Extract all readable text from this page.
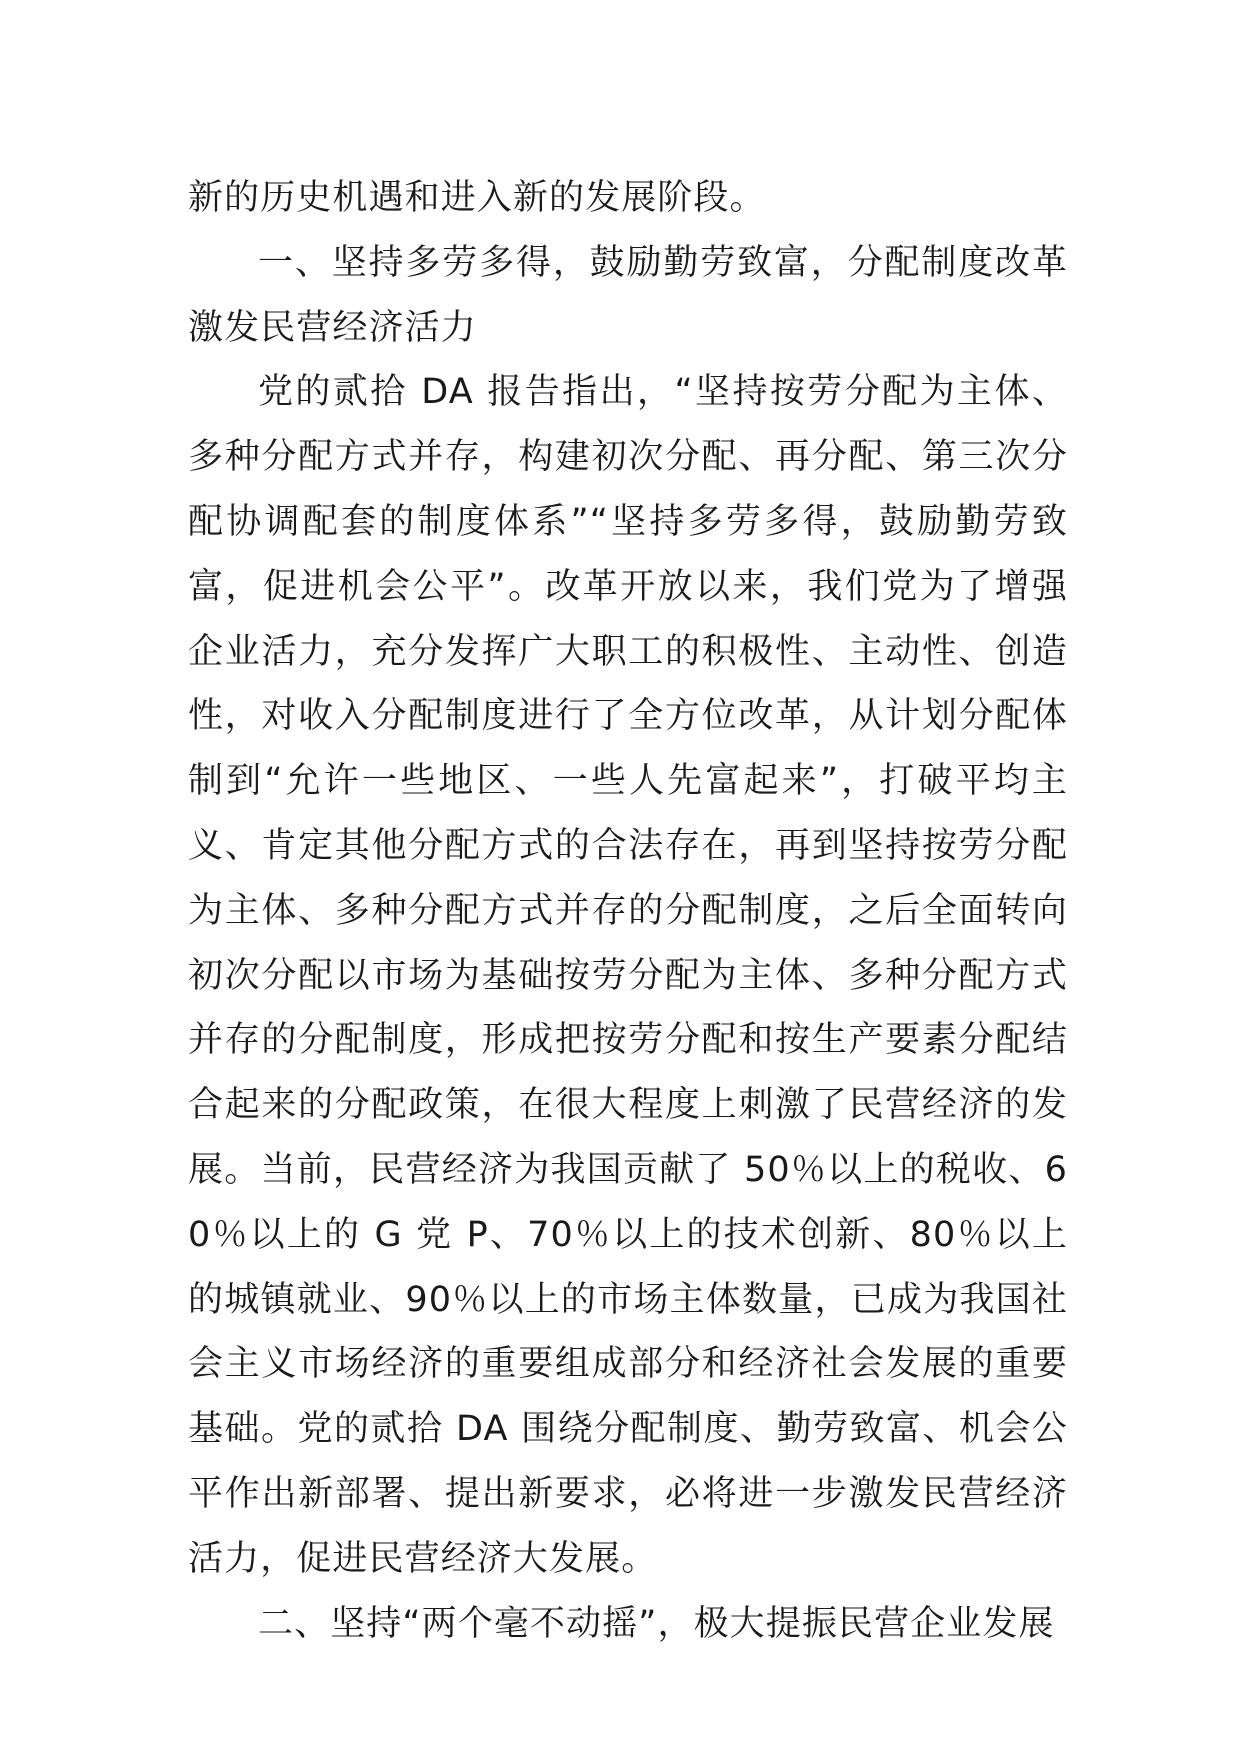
新的历史机遇和进入新的发展阶段。

一、坚持多劳多得，鼓励勤劳致富，分配制度改革激发民营经济活力

党的贰拾 DA 报告指出，“坚持按劳分配为主体、多种分配方式并存，构建初次分配、再分配、第三次分配协调配套的制度体系”“坚持多劳多得，鼓励勤劳致富，促进机会公平”。改革开放以来，我们党为了增强企业活力，充分发挥广大职工的积极性、主动性、创造性，对收入分配制度进行了全方位改革，从计划分配体制到“允许一些地区、一些人先富起来”，打破平均主义、肯定其他分配方式的合法存在，再到坚持按劳分配为主体、多种分配方式并存的分配制度，之后全面转向初次分配以市场为基础按劳分配为主体、多种分配方式并存的分配制度，形成把按劳分配和按生产要素分配结合起来的分配政策，在很大程度上刺激了民营经济的发展。当前，民营经济为我国贡献了 50％以上的税收、60％以上的 G 党 P、70％以上的技术创新、80％以上的城镇就业、90％以上的市场主体数量，已成为我国社会主义市场经济的重要组成部分和经济社会发展的重要基础。党的贰拾 DA 围绕分配制度、勤劳致富、机会公平作出新部署、提出新要求，必将进一步激发民营经济活力，促进民营经济大发展。

二、坚持“两个毫不动摇”，极大提振民营企业发展
